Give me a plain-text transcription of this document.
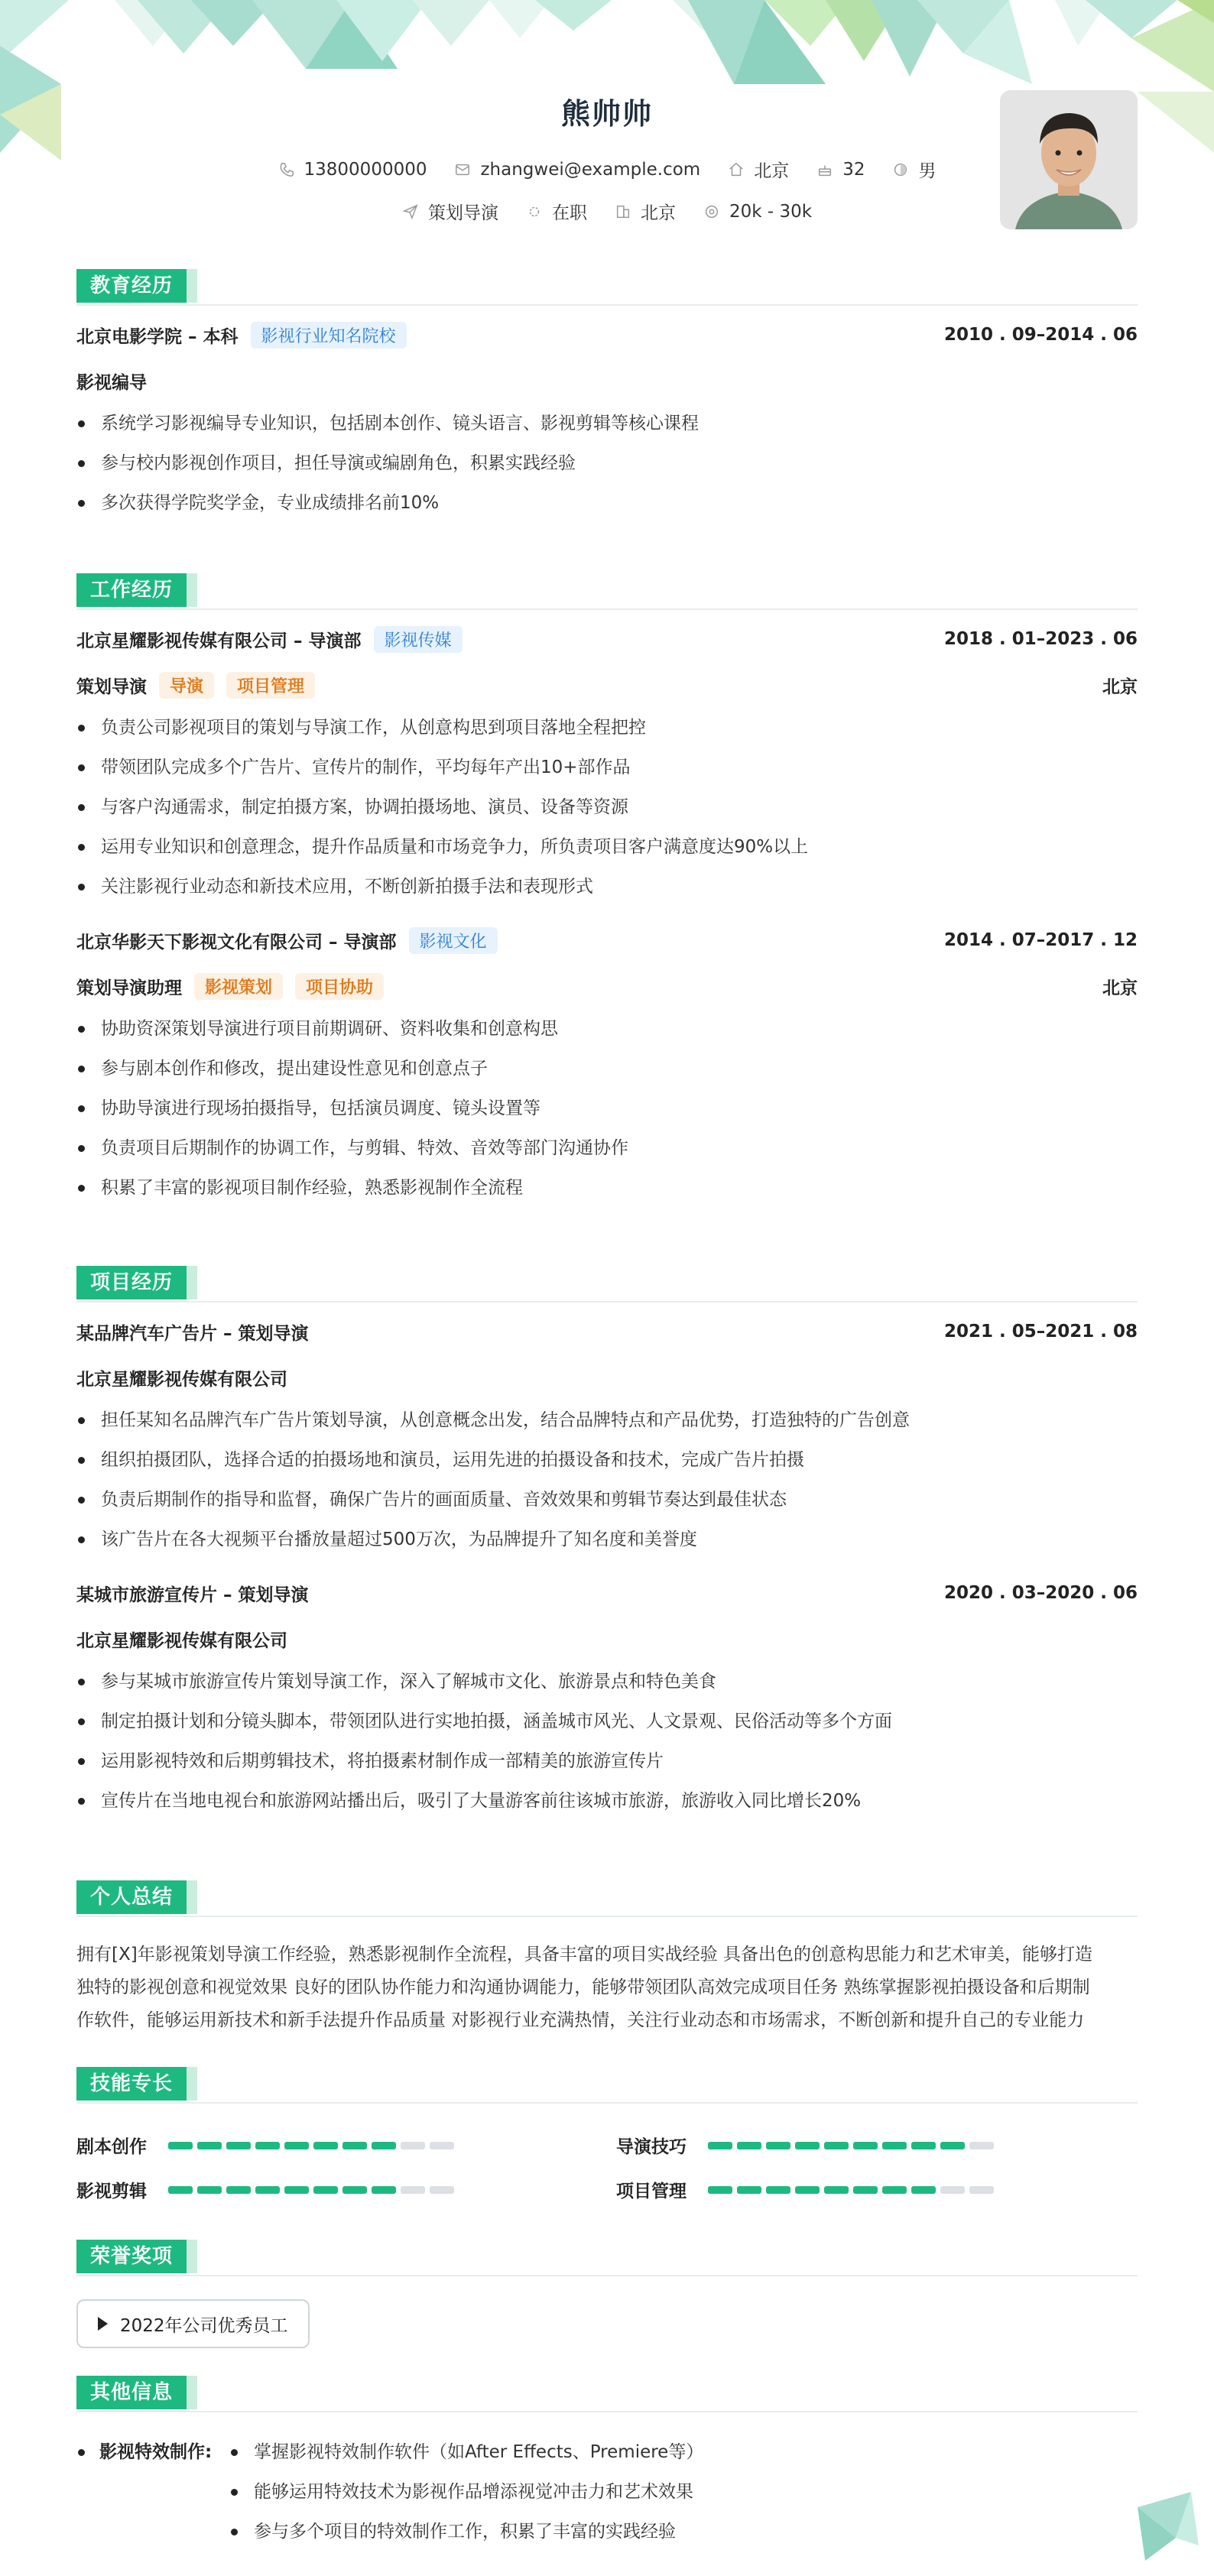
熊帅帅
13800000000	zhangwei@example.com	北京	32	男
策划导演	在职	北京	20k - 30k
教育经历
北京电影学院 – 本科	影视行业知名院校	2010 . 09–2014 . 06
影视编导
系统学习影视编导专业知识，包括剧本创作、镜头语言、影视剪辑等核心课程
参与校内影视创作项目，担任导演或编剧角色，积累实践经验
多次获得学院奖学金，专业成绩排名前10%
工作经历
北京星耀影视传媒有限公司 – 导演部	影视传媒	2018 . 01–2023 . 06
策划导演	导演	项目管理	北京
负责公司影视项目的策划与导演工作，从创意构思到项目落地全程把控
带领团队完成多个广告片、宣传片的制作，平均每年产出10+部作品
与客户沟通需求，制定拍摄方案，协调拍摄场地、演员、设备等资源
运用专业知识和创意理念，提升作品质量和市场竞争力，所负责项目客户满意度达90%以上
关注影视行业动态和新技术应用，不断创新拍摄手法和表现形式
北京华影天下影视文化有限公司 – 导演部	影视文化	2014 . 07–2017 . 12
策划导演助理	影视策划	项目协助	北京
协助资深策划导演进行项目前期调研、资料收集和创意构思
参与剧本创作和修改，提出建设性意见和创意点子
协助导演进行现场拍摄指导，包括演员调度、镜头设置等
负责项目后期制作的协调工作，与剪辑、特效、音效等部门沟通协作
积累了丰富的影视项目制作经验，熟悉影视制作全流程
项目经历
某品牌汽车广告片 – 策划导演	2021 . 05–2021 . 08
北京星耀影视传媒有限公司
担任某知名品牌汽车广告片策划导演，从创意概念出发，结合品牌特点和产品优势，打造独特的广告创意
组织拍摄团队，选择合适的拍摄场地和演员，运用先进的拍摄设备和技术，完成广告片拍摄
负责后期制作的指导和监督，确保广告片的画面质量、音效效果和剪辑节奏达到最佳状态
该广告片在各大视频平台播放量超过500万次，为品牌提升了知名度和美誉度
某城市旅游宣传片 – 策划导演	2020 . 03–2020 . 06
北京星耀影视传媒有限公司
参与某城市旅游宣传片策划导演工作，深入了解城市文化、旅游景点和特色美食
制定拍摄计划和分镜头脚本，带领团队进行实地拍摄，涵盖城市风光、人文景观、民俗活动等多个方面
运用影视特效和后期剪辑技术，将拍摄素材制作成一部精美的旅游宣传片
宣传片在当地电视台和旅游网站播出后，吸引了大量游客前往该城市旅游，旅游收入同比增长20%
个人总结
拥有[X]年影视策划导演工作经验，熟悉影视制作全流程，具备丰富的项目实战经验 具备出色的创意构思能力和艺术审美，能够打造
独特的影视创意和视觉效果 良好的团队协作能力和沟通协调能力，能够带领团队高效完成项目任务 熟练掌握影视拍摄设备和后期制
作软件，能够运用新技术和新手法提升作品质量 对影视行业充满热情，关注行业动态和市场需求，不断创新和提升自己的专业能力
技能专长
剧本创作	导演技巧
影视剪辑	项目管理
荣誉奖项
2022年公司优秀员工
其他信息
影视特效制作:	掌握影视特效制作软件（如After Effects、Premiere等）
能够运用特效技术为影视作品增添视觉冲击力和艺术效果
参与多个项目的特效制作工作，积累了丰富的实践经验
